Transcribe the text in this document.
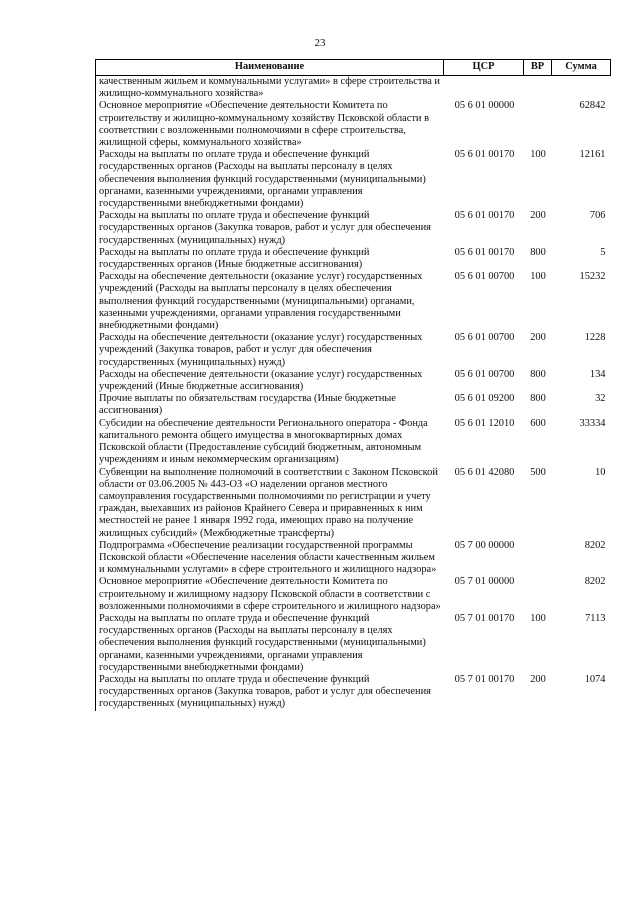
23
Наименование	ЦСР	ВР	Сумма
качественным жильем и коммунальными услугами» в сфере строительства и жилищно-коммунального хозяйства»			
Основное мероприятие «Обеспечение деятельности Комитета по строительству и жилищно-коммунальному хозяйству Псковской области в соответствии с возложенными полномочиями в сфере строительства, жилищной сферы, коммунального хозяйства»	05 6 01 00000		62842
Расходы на выплаты по оплате труда и обеспечение функций государственных органов (Расходы на выплаты персоналу в целях обеспечения выполнения функций государственными (муниципальными) органами, казенными учреждениями, органами управления государственными внебюджетными фондами)	05 6 01 00170	100	12161
Расходы на выплаты по оплате труда и обеспечение функций государственных органов (Закупка товаров, работ и услуг для обеспечения государственных (муниципальных) нужд)	05 6 01 00170	200	706
Расходы на выплаты по оплате труда и обеспечение функций государственных органов (Иные бюджетные ассигнования)	05 6 01 00170	800	5
Расходы на обеспечение деятельности (оказание услуг) государственных учреждений (Расходы на выплаты персоналу в целях обеспечения выполнения функций государственными (муниципальными) органами, казенными учреждениями, органами управления государственными внебюджетными фондами)	05 6 01 00700	100	15232
Расходы на обеспечение деятельности (оказание услуг) государственных учреждений (Закупка товаров, работ и услуг для обеспечения государственных (муниципальных) нужд)	05 6 01 00700	200	1228
Расходы на обеспечение деятельности (оказание услуг) государственных учреждений (Иные бюджетные ассигнования)	05 6 01 00700	800	134
Прочие выплаты по обязательствам государства (Иные бюджетные ассигнования)	05 6 01 09200	800	32
Субсидии на обеспечение деятельности Регионального оператора - Фонда капитального ремонта общего имущества в многоквартирных домах Псковской области (Предоставление субсидий бюджетным, автономным учреждениям и иным некоммерческим организациям)	05 6 01 12010	600	33334
Субвенции на выполнение полномочий в соответствии с Законом Псковской области от 03.06.2005 № 443-ОЗ «О наделении органов местного самоуправления государственными полномочиями по регистрации и учету граждан, выехавших из районов Крайнего Севера и приравненных к ним местностей не ранее 1 января 1992 года, имеющих право на получение жилищных субсидий» (Межбюджетные трансферты)	05 6 01 42080	500	10
Подпрограмма «Обеспечение реализации государственной программы Псковской области «Обеспечение населения области качественным жильем и коммунальными услугами» в сфере строительного и жилищного надзора»	05 7 00 00000		8202
Основное мероприятие «Обеспечение деятельности Комитета по строительному и жилищному надзору Псковской области в соответствии с возложенными полномочиями в сфере строительного и жилищного надзора»	05 7 01 00000		8202
Расходы на выплаты по оплате труда и обеспечение функций государственных органов (Расходы на выплаты персоналу в целях обеспечения выполнения функций государственными (муниципальными) органами, казенными учреждениями, органами управления государственными внебюджетными фондами)	05 7 01 00170	100	7113
Расходы на выплаты по оплате труда и обеспечение функций государственных органов (Закупка товаров, работ и услуг для обеспечения государственных (муниципальных) нужд)	05 7 01 00170	200	1074
